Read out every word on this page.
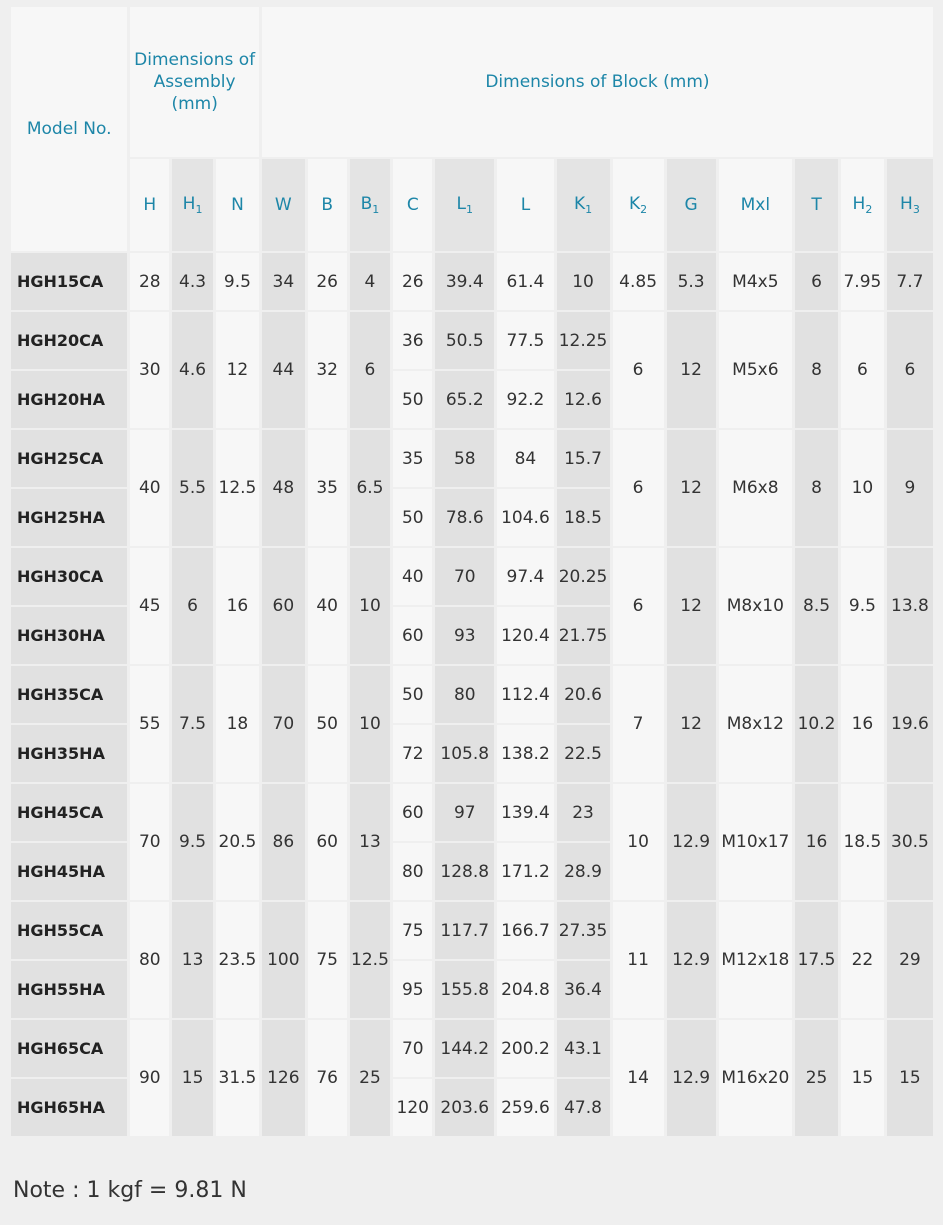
Model No.	Dimensions of Assembly (mm)			Dimensions of Block (mm)												
	H	$H_1$	N	W	B	$B_1$	C	$L_1$	L	$K_1$	$K_2$	G	Mxl	T	$H_2$	$H_3$
HGH15CA	28	4.3	9.5	34	26	4	26	39.4	61.4	10	4.85	5.3	M4x5	6	7.95	7.7
HGH20CA	30	4.6	12	44	32	6	36	50.5	77.5	12.25	6	12	M5x6	8	6	6
HGH20HA							50	65.2	92.2	12.6						
HGH25CA	40	5.5	12.5	48	35	6.5	35	58	84	15.7	6	12	M6x8	8	10	9
HGH25HA							50	78.6	104.6	18.5						
HGH30CA	45	6	16	60	40	10	40	70	97.4	20.25	6	12	M8x10	8.5	9.5	13.8
HGH30HA							60	93	120.4	21.75						
HGH35CA	55	7.5	18	70	50	10	50	80	112.4	20.6	7	12	M8x12	10.2	16	19.6
HGH35HA							72	105.8	138.2	22.5						
HGH45CA	70	9.5	20.5	86	60	13	60	97	139.4	23	10	12.9	M10x17	16	18.5	30.5
HGH45HA							80	128.8	171.2	28.9						
HGH55CA	80	13	23.5	100	75	12.5	75	117.7	166.7	27.35	11	12.9	M12x18	17.5	22	29
HGH55HA							95	155.8	204.8	36.4						
HGH65CA	90	15	31.5	126	76	25	70	144.2	200.2	43.1	14	12.9	M16x20	25	15	15
HGH65HA							120	203.6	259.6	47.8						
Note : 1 kgf = 9.81 N
